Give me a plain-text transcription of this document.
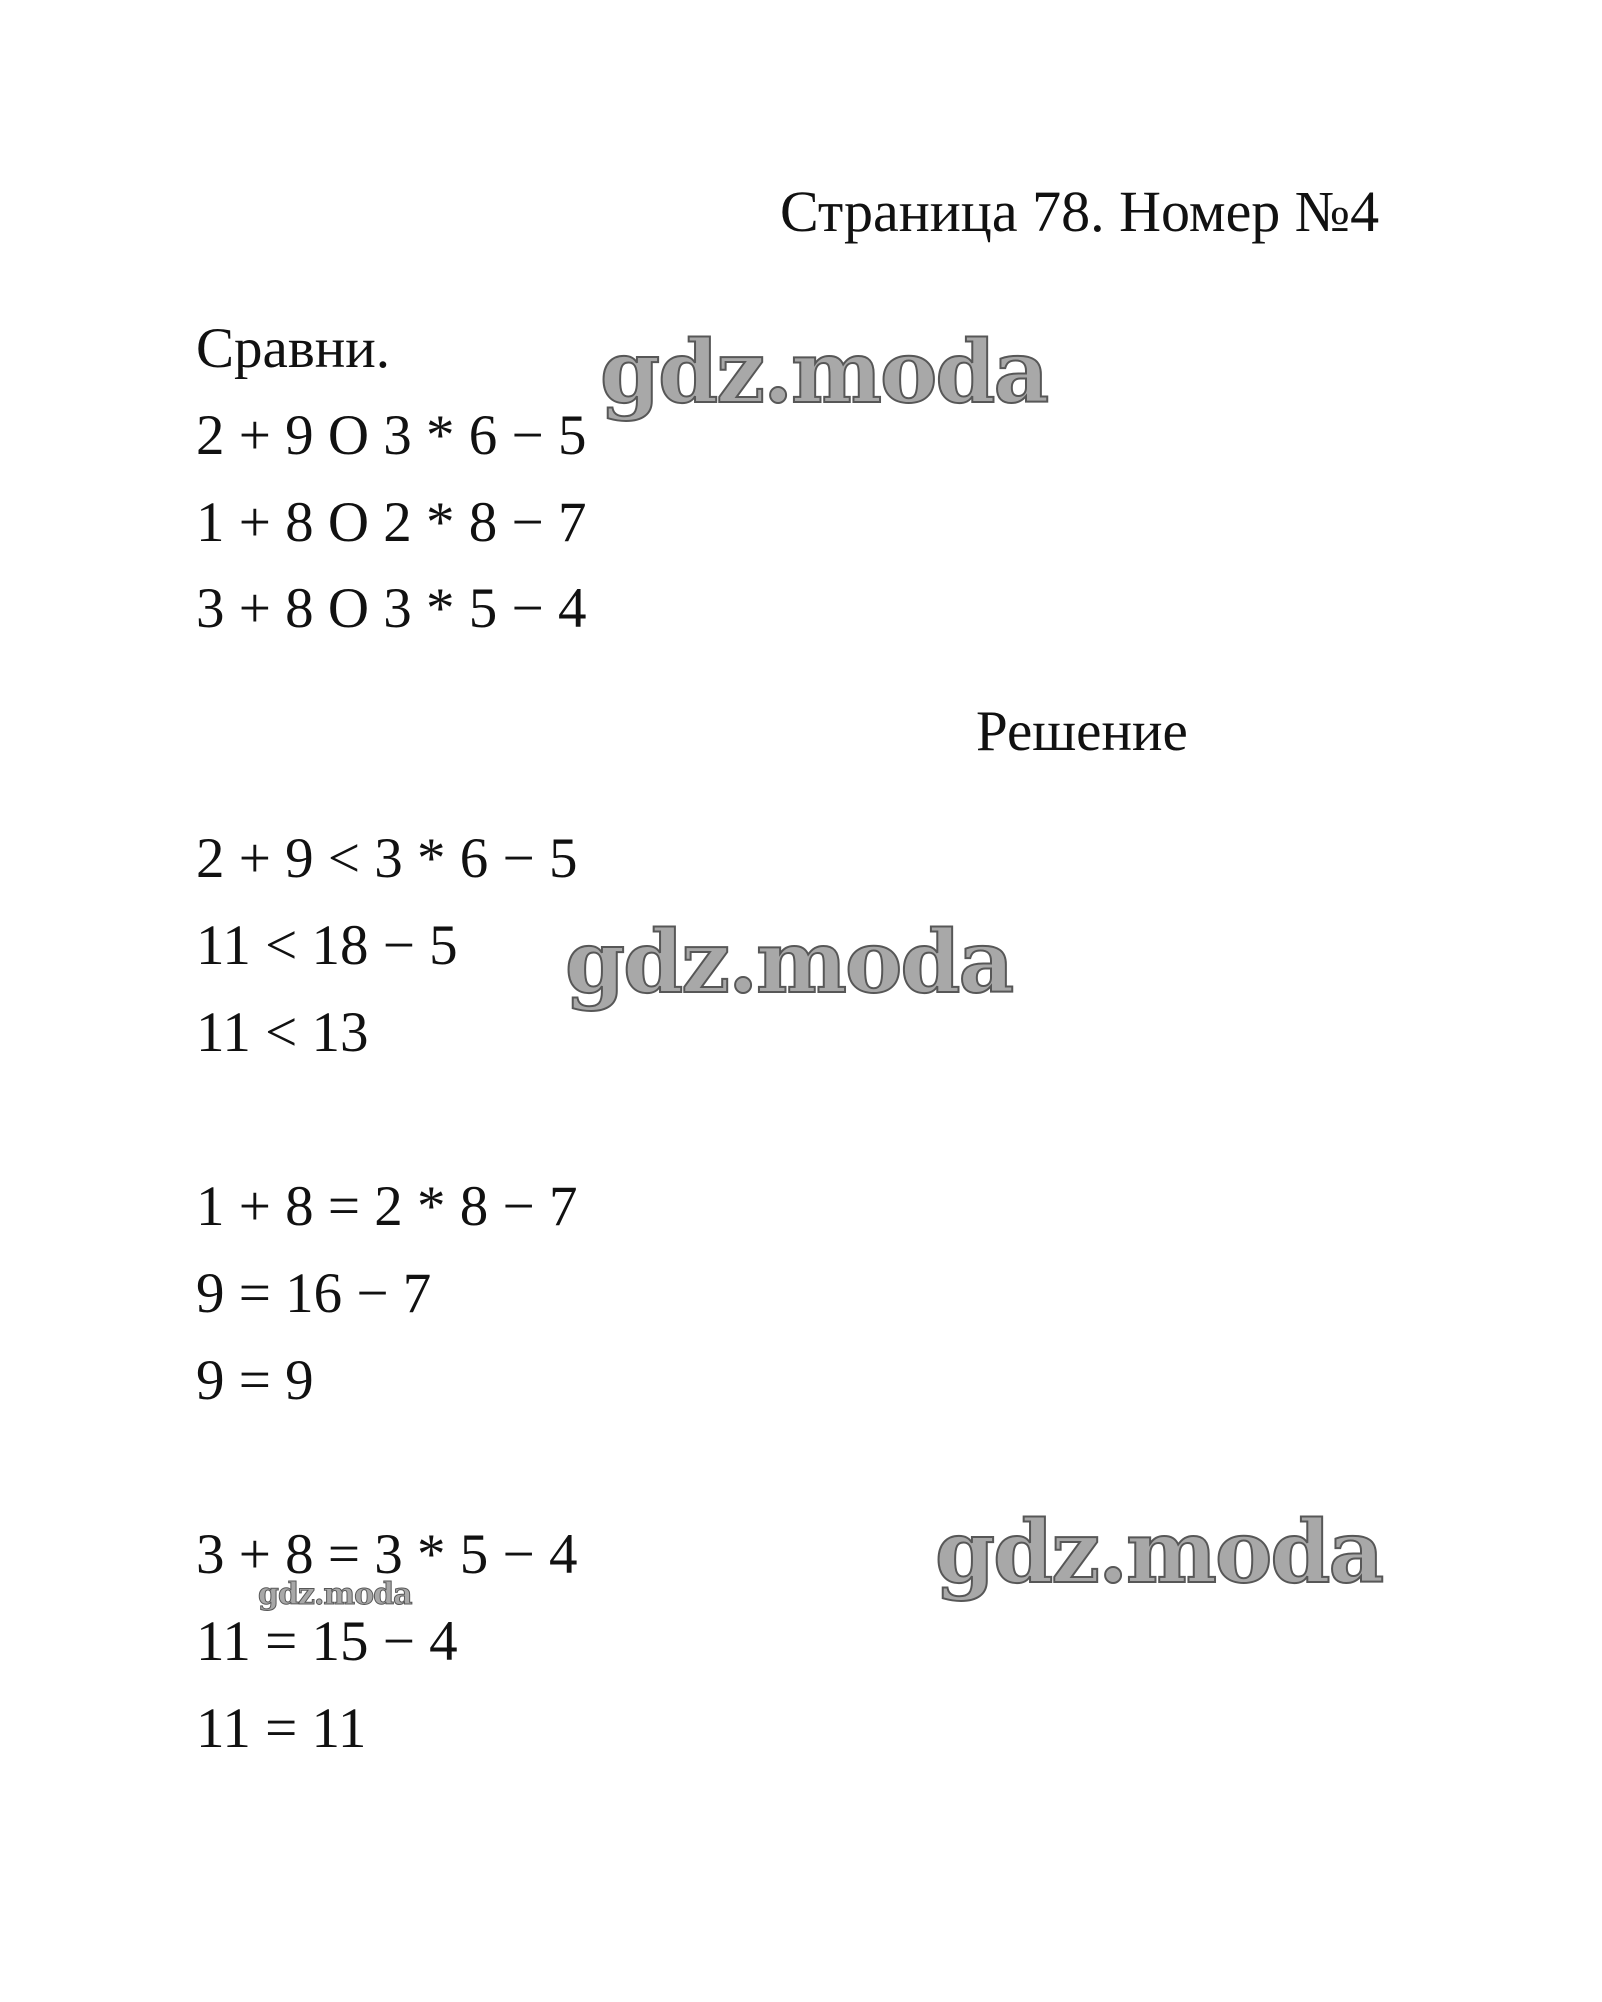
Страница 78. Номер №4
Сравни.
2 + 9 O 3 * 6 − 5
1 + 8 O 2 * 8 − 7
3 + 8 O 3 * 5 − 4
Решение
2 + 9 < 3 * 6 − 5
11 < 18 − 5
11 < 13
1 + 8 = 2 * 8 − 7
9 = 16 − 7
9 = 9
3 + 8 = 3 * 5 − 4
11 = 15 − 4
11 = 11
gdz.moda
gdz.moda
gdz.moda
gdz.moda
